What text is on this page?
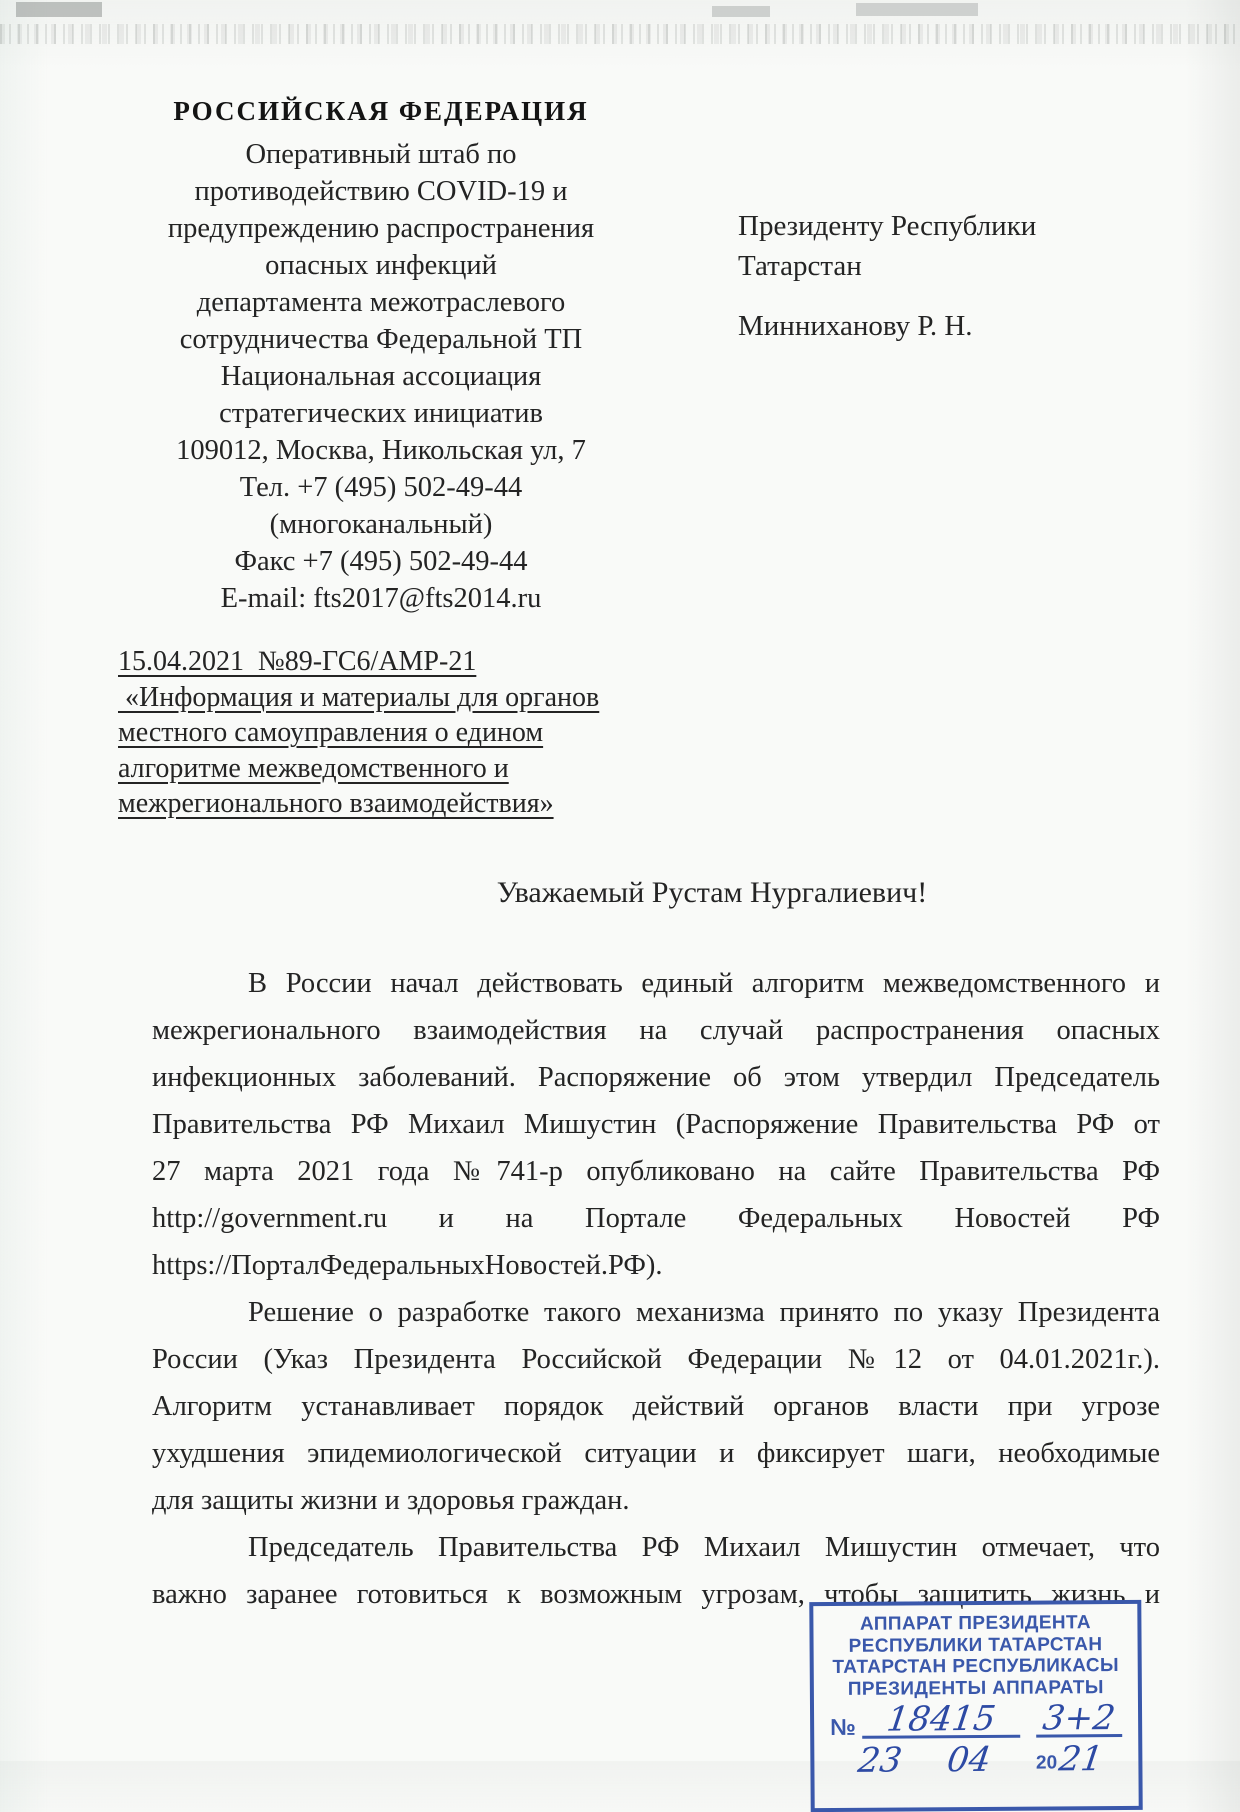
РОССИЙСКАЯ ФЕДЕРАЦИЯ
Оперативный штаб по
противодействию COVID-19 и
предупреждению распространения
опасных инфекций
департамента межотраслевого
сотрудничества Федеральной ТП
Национальная ассоциация
стратегических инициатив
109012, Москва, Никольская ул, 7
Тел. +7 (495) 502-49-44
(многоканальный)
Факс +7 (495) 502-49-44
E-mail: fts2017@fts2014.ru
Президенту Республики
Татарстан
Минниханову Р. Н.
15.04.2021  №89-ГС6/АМР-21
«Информация и материалы для органов
местного самоуправления о едином
алгоритме межведомственного и
межрегионального взаимодействия»
Уважаемый Рустам Нургалиевич!
В России начал действовать единый алгоритм межведомственного и
межрегионального взаимодействия на случай распространения опасных
инфекционных заболеваний. Распоряжение об этом утвердил Председатель
Правительства РФ Михаил Мишустин (Распоряжение Правительства РФ от
27 марта 2021 года №741-р опубликовано на сайте Правительства РФ
http://government.ru и на Портале Федеральных Новостей РФ
https://ПорталФедеральныхНовостей.РФ).
Решение о разработке такого механизма принято по указу Президента
России (Указ Президента Российской Федерации №12 от 04.01.2021г.).
Алгоритм устанавливает порядок действий органов власти при угрозе
ухудшения эпидемиологической ситуации и фиксирует шаги, необходимые
для защиты жизни и здоровья граждан.
Председатель Правительства РФ Михаил Мишустин отмечает, что
важно заранее готовиться к возможным угрозам, чтобы защитить жизнь и
АППАРАТ ПРЕЗИДЕНТА
РЕСПУБЛИКИ ТАТАРСТАН
ТАТАРСТАН РЕСПУБЛИКАСЫ
ПРЕЗИДЕНТЫ АППАРАТЫ
№ 18415	3+2
23 04 20 21
